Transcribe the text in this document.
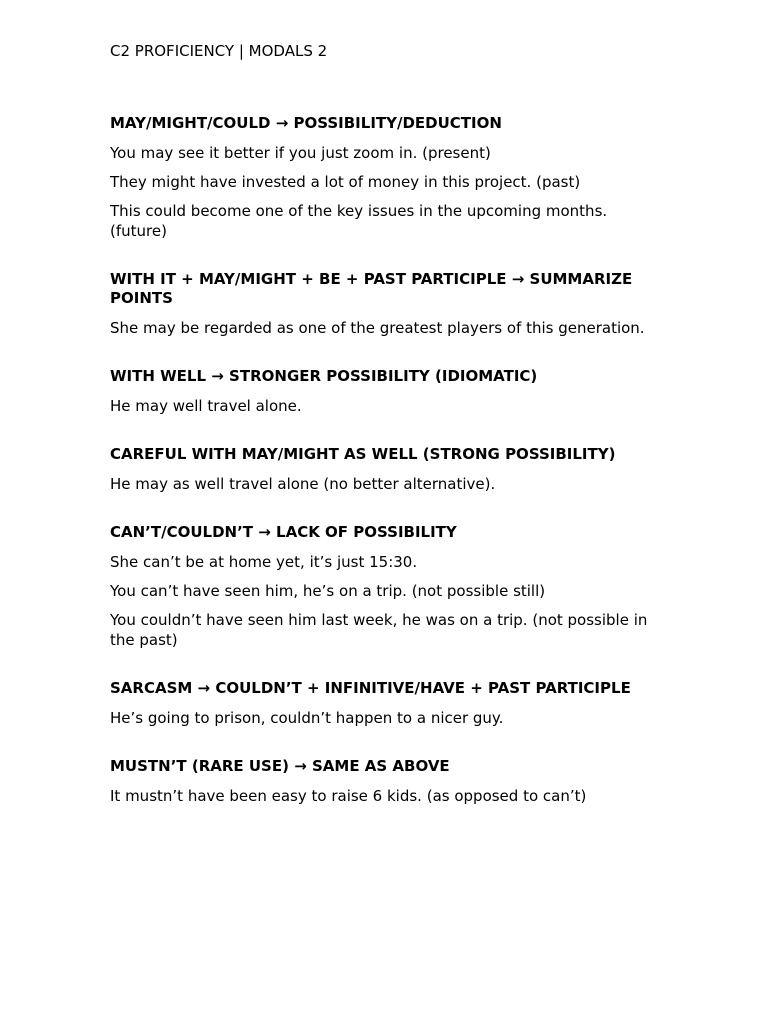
C2 PROFICIENCY | MODALS 2

MAY/MIGHT/COULD → POSSIBILITY/DEDUCTION

You may see it better if you just zoom in. (present)

They might have invested a lot of money in this project. (past)

This could become one of the key issues in the upcoming months. (future)

WITH IT + MAY/MIGHT + BE + PAST PARTICIPLE → SUMMARIZE POINTS

She may be regarded as one of the greatest players of this generation.

WITH WELL → STRONGER POSSIBILITY (IDIOMATIC)

He may well travel alone.

CAREFUL WITH MAY/MIGHT AS WELL (STRONG POSSIBILITY)

He may as well travel alone (no better alternative).

CAN’T/COULDN’T → LACK OF POSSIBILITY

She can’t be at home yet, it’s just 15:30.

You can’t have seen him, he’s on a trip. (not possible still)

You couldn’t have seen him last week, he was on a trip. (not possible in the past)

SARCASM → COULDN’T + INFINITIVE/HAVE + PAST PARTICIPLE

He’s going to prison, couldn’t happen to a nicer guy.

MUSTN’T (RARE USE) → SAME AS ABOVE

It mustn’t have been easy to raise 6 kids. (as opposed to can’t)
